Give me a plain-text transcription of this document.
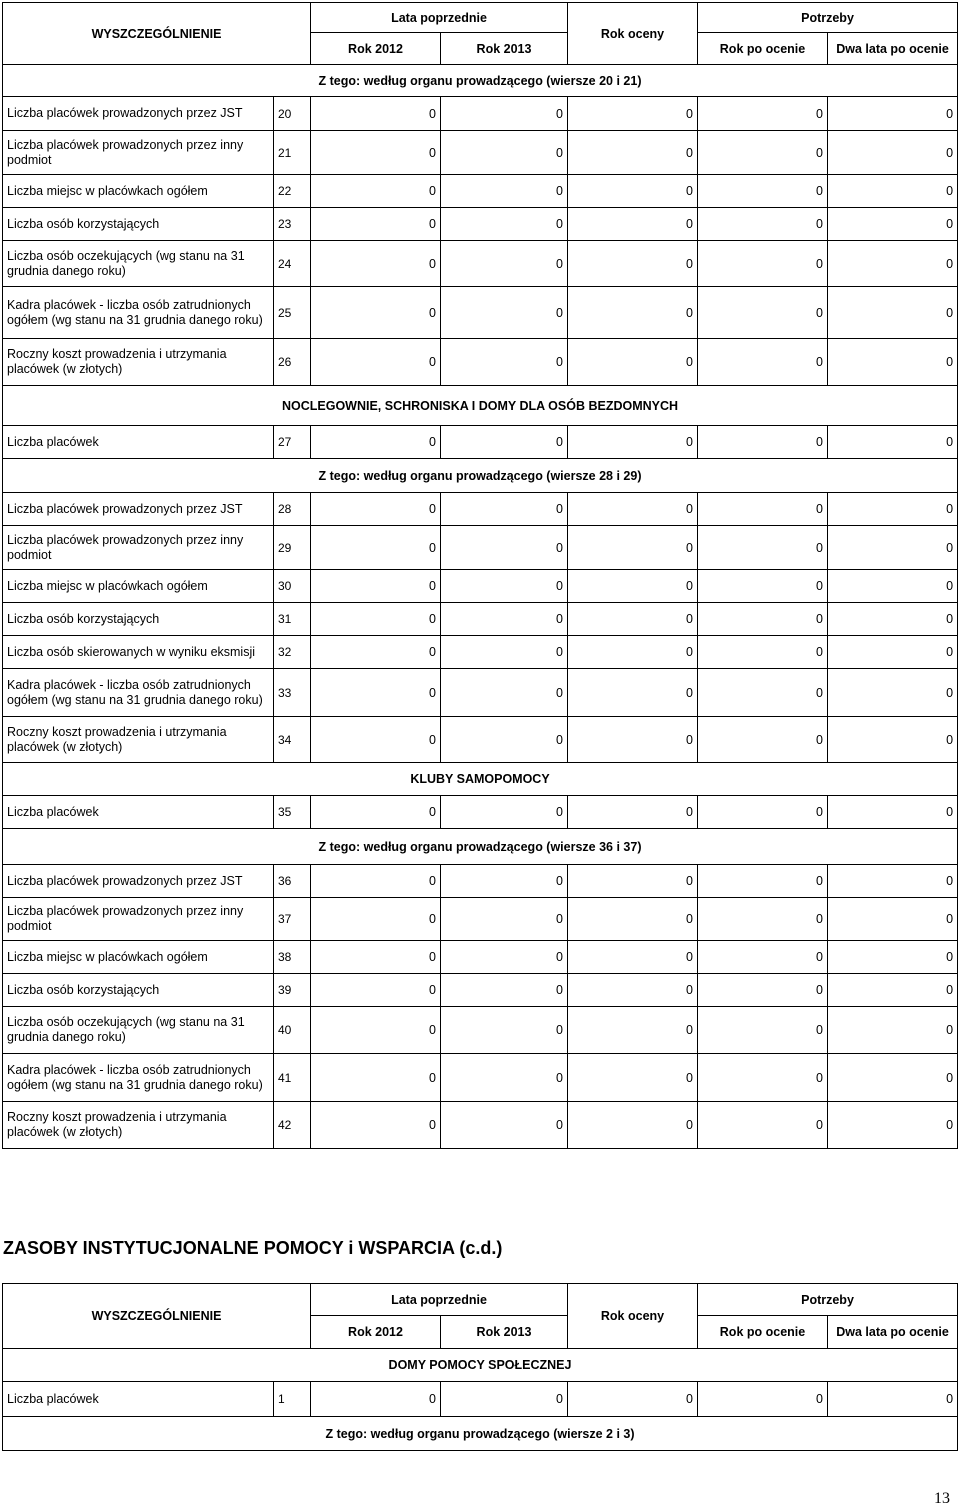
WYSZCZEGÓLNIENIE		Lata poprzednie		Rok oceny	Potrzeby	
		Rok 2012	Rok 2013		Rok po ocenie	Dwa lata po ocenie
Z tego: według organu prowadzącego (wiersze 20 i 21)						
Liczba placówek prowadzonych przez JST	20	0	0	0	0	0
Liczba placówek prowadzonych przez inny podmiot	21	0	0	0	0	0
Liczba miejsc w placówkach ogółem	22	0	0	0	0	0
Liczba osób korzystających	23	0	0	0	0	0
Liczba osób oczekujących (wg stanu na 31 grudnia danego roku)	24	0	0	0	0	0
Kadra placówek - liczba osób zatrudnionych ogółem (wg stanu na 31 grudnia danego roku)	25	0	0	0	0	0
Roczny koszt prowadzenia i utrzymania placówek (w złotych)	26	0	0	0	0	0
NOCLEGOWNIE, SCHRONISKA I DOMY DLA OSÓB BEZDOMNYCH						
Liczba placówek	27	0	0	0	0	0
Z tego: według organu prowadzącego (wiersze 28 i 29)						
Liczba placówek prowadzonych przez JST	28	0	0	0	0	0
Liczba placówek prowadzonych przez inny podmiot	29	0	0	0	0	0
Liczba miejsc w placówkach ogółem	30	0	0	0	0	0
Liczba osób korzystających	31	0	0	0	0	0
Liczba osób skierowanych w wyniku eksmisji	32	0	0	0	0	0
Kadra placówek - liczba osób zatrudnionych ogółem (wg stanu na 31 grudnia danego roku)	33	0	0	0	0	0
Roczny koszt prowadzenia i utrzymania placówek (w złotych)	34	0	0	0	0	0
KLUBY SAMOPOMOCY						
Liczba placówek	35	0	0	0	0	0
Z tego: według organu prowadzącego (wiersze 36 i 37)						
Liczba placówek prowadzonych przez JST	36	0	0	0	0	0
Liczba placówek prowadzonych przez inny podmiot	37	0	0	0	0	0
Liczba miejsc w placówkach ogółem	38	0	0	0	0	0
Liczba osób korzystających	39	0	0	0	0	0
Liczba osób oczekujących (wg stanu na 31 grudnia danego roku)	40	0	0	0	0	0
Kadra placówek - liczba osób zatrudnionych ogółem (wg stanu na 31 grudnia danego roku)	41	0	0	0	0	0
Roczny koszt prowadzenia i utrzymania placówek (w złotych)	42	0	0	0	0	0
ZASOBY INSTYTUCJONALNE POMOCY i WSPARCIA (c.d.)
WYSZCZEGÓLNIENIE		Lata poprzednie		Rok oceny	Potrzeby	
		Rok 2012	Rok 2013		Rok po ocenie	Dwa lata po ocenie
DOMY POMOCY SPOŁECZNEJ						
Liczba placówek	1	0	0	0	0	0
Z tego: według organu prowadzącego (wiersze 2 i 3)						
13
